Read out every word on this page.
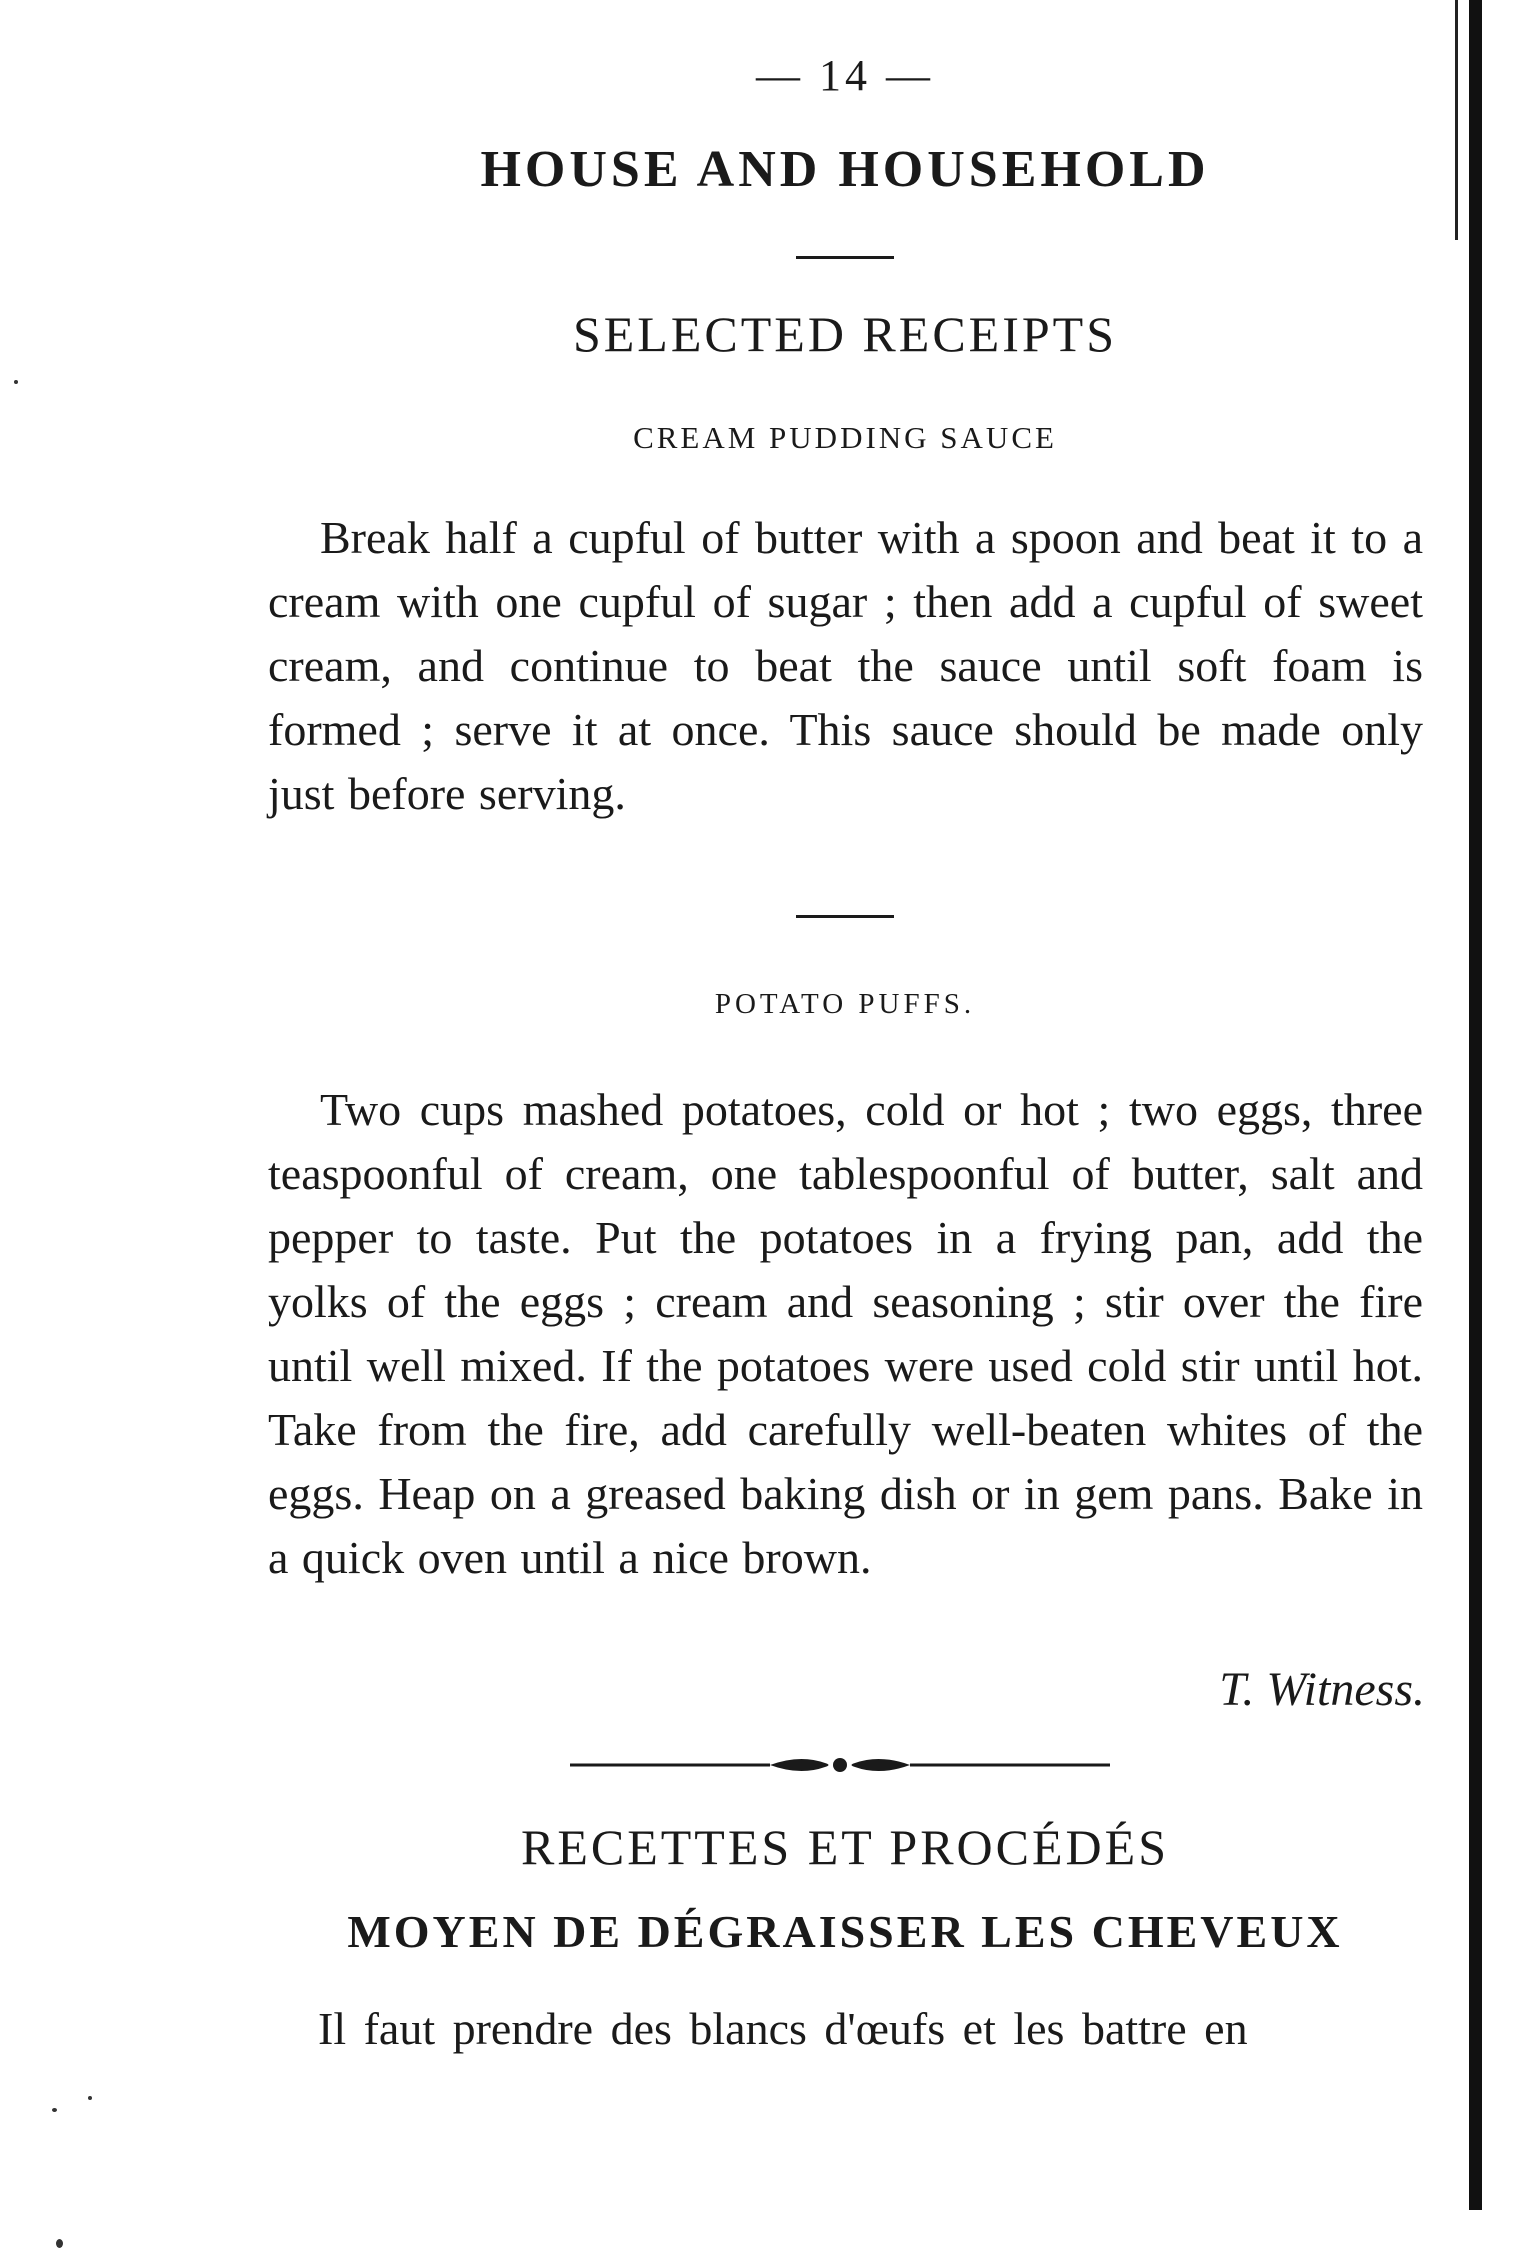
— 14 —
HOUSE AND HOUSEHOLD
SELECTED RECEIPTS
CREAM PUDDING SAUCE

Break half a cupful of butter with a spoon and beat it to a cream with one cupful of sugar ; then add a cupful of sweet cream, and continue to beat the sauce until soft foam is formed ; serve it at once. This sauce should be made only just before serving.

POTATO PUFFS.

Two cups mashed potatoes, cold or hot ; two eggs, three teaspoonful of cream, one tablespoonful of butter, salt and pepper to taste. Put the potatoes in a frying pan, add the yolks of the eggs ; cream and seasoning ; stir over the fire until well mixed. If the potatoes were used cold stir until hot. Take from the fire, add carefully well-beaten whites of the eggs. Heap on a greased baking dish or in gem pans. Bake in a quick oven until a nice brown.

T. Witness.
RECETTES ET PROCÉDÉS
MOYEN DE DÉGRAISSER LES CHEVEUX

Il faut prendre des blancs d'œufs et les battre en
